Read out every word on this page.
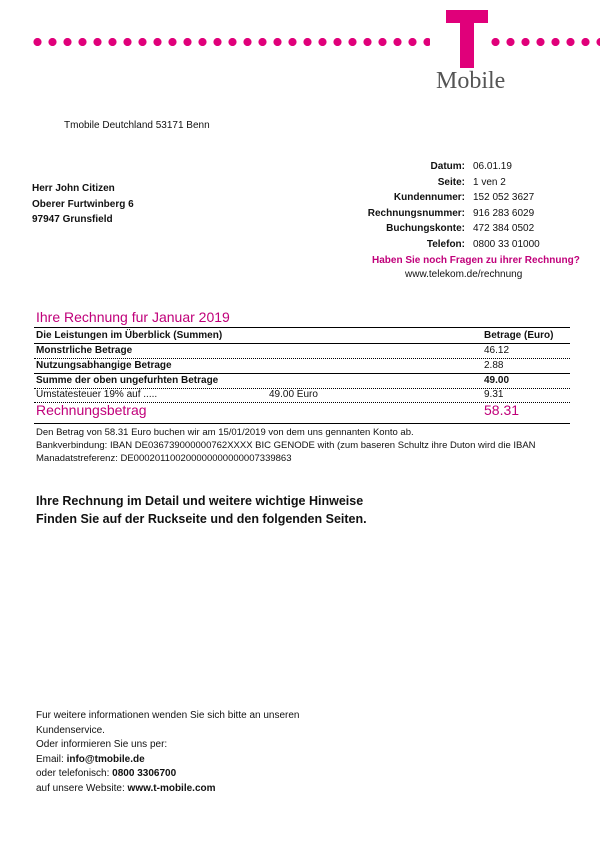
Mobile
Tmobile Deutchland 53171 Benn
Herr John Citizen
Oberer Furtwinberg 6
97947 Grunsfield
Datum: 06.01.19
Seite: 1 ven 2
Kundennumer: 152 052 3627
Rechnungsnummer: 916 283 6029
Buchungskonte: 472 384 0502
Telefon: 0800 33 01000
Haben Sie noch Fragen zu ihrer Rechnung?
www.telekom.de/rechnung
Ihre Rechnung fur Januar 2019
Die Leistungen im Überblick (Summen)	Betrage (Euro)
Monstrliche Betrage	46.12
Nutzungsabhangige Betrage	2.88
Summe der oben ungefurhten Betrage	49.00
Umstatesteuer 19% auf .....	49.00 Euro	9.31
Rechnungsbetrag	58.31
Den Betrag von 58.31 Euro buchen wir am 15/01/2019 von dem uns gennanten Konto ab.
Bankverbindung: IBAN DE036739000000762XXXX BIC GENODE with (zum baseren Schultz ihre Duton wird die IBAN
Manadatstreferenz: DE000201100200000000000007339863
Ihre Rechnung im Detail und weitere wichtige Hinweise
Finden Sie auf der Ruckseite und den folgenden Seiten.
Fur weitere informationen wenden Sie sich bitte an unseren
Kundenservice.
Oder informieren Sie uns per:
Email: info@tmobile.de
oder telefonisch: 0800 3306700
auf unsere Website: www.t-mobile.com
